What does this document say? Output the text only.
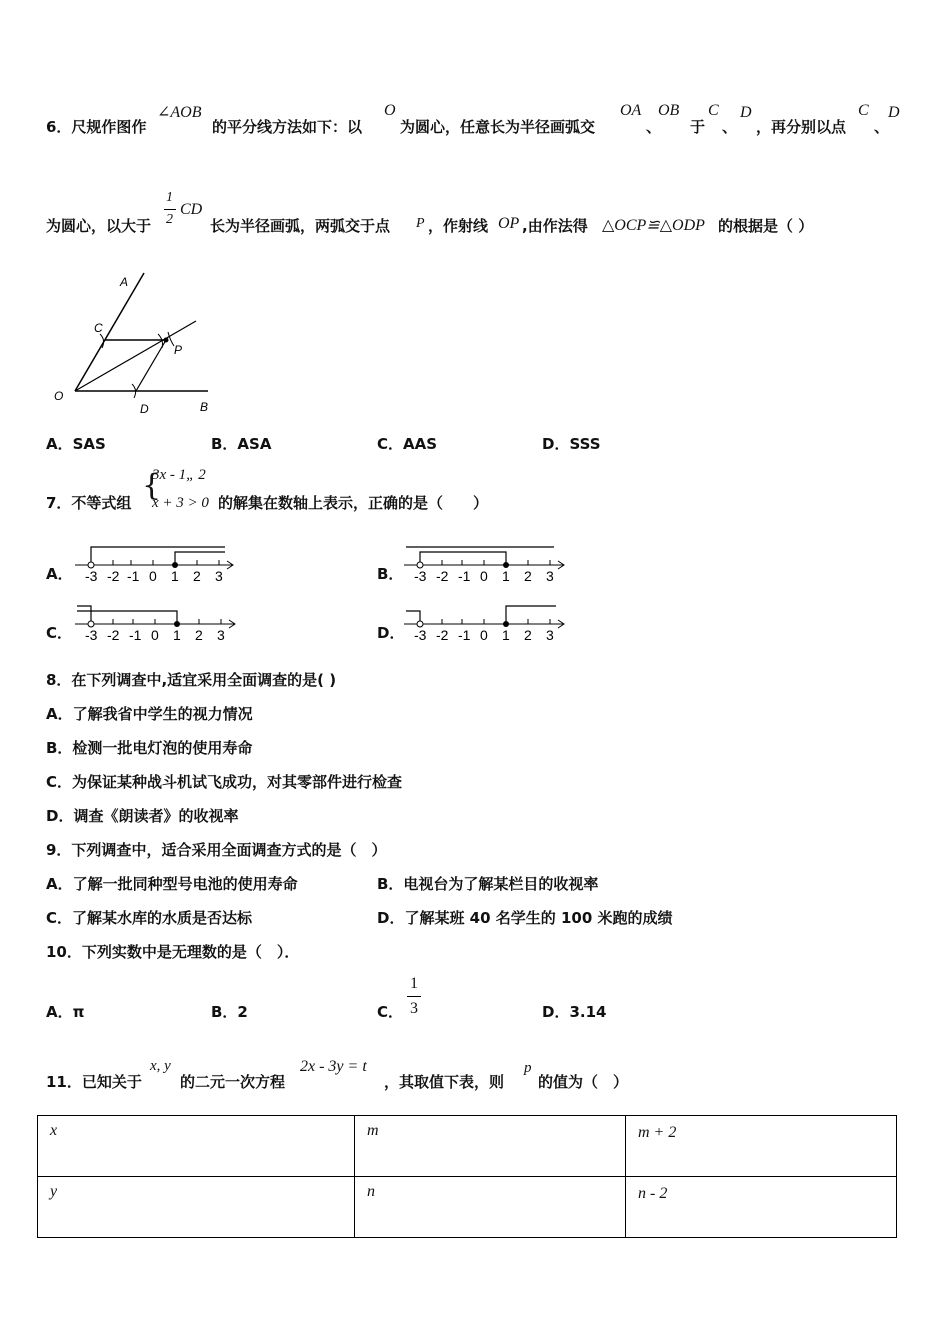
6．尺规作图作
∠AOB
的平分线方法如下：以
O
为圆心，任意长为半径画弧交
OA
、
OB
于
C
、
D
，再分别以点
C
、
D
为圆心，以大于
1
2
CD
长为半径画弧，两弧交于点 P ，作射线 OP ,由作法得 △OCP≌△ODP 的根据是（ ）
A
C
P
O
D	B
A．SAS	B．ASA	C．AAS	D．SSS
7．不等式组 {
3x - 1„ 2
x + 3 > 0 的解集在数轴上表示，正确的是（　　）
A．	B．
C．	D．
-3 -2 -1 0 1 2 3	-3 -2 -1 0 1 2 3
-3 -2 -1 0 1 2 3	-3 -2 -1 0 1 2 3
8．在下列调查中,适宜采用全面调查的是( )
A．了解我省中学生的视力情况
B．检测一批电灯泡的使用寿命
C．为保证某种战斗机试飞成功，对其零部件进行检查
D．调查《朗读者》的收视率
9．下列调查中，适合采用全面调查方式的是（　）
A．了解一批同种型号电池的使用寿命	B．电视台为了解某栏目的收视率
C．了解某水库的水质是否达标	D．了解某班 40 名学生的 100 米跑的成绩
10．下列实数中是无理数的是（　）．
A．π	B．2	C．
1
3	D．3.14
11．已知关于
x, y
的二元一次方程
2x - 3y = t
，其取值下表，则
p
的值为（　）
x	m	m + 2
y	n	n - 2
